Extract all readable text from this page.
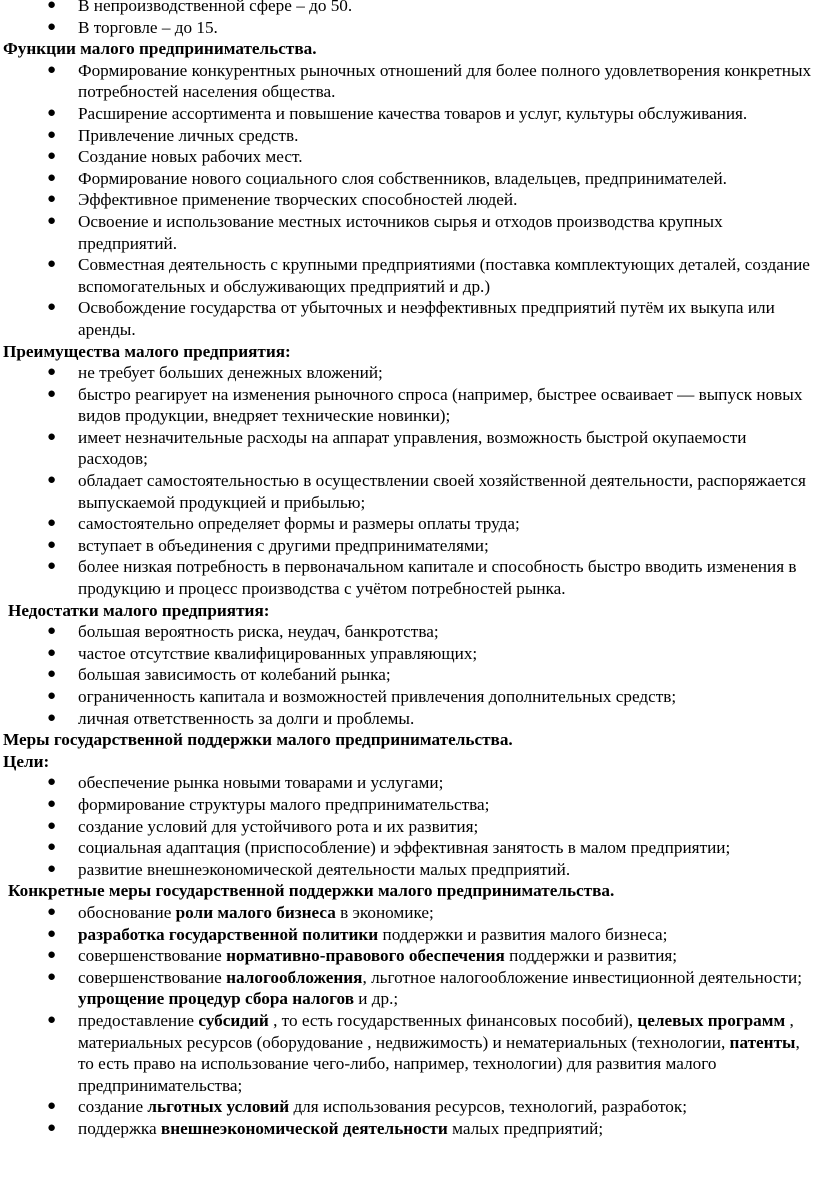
● В непроизводственной сфере – до 50.
● В торговле – до 15.
Функции малого предпринимательства.
● Формирование конкурентных рыночных отношений для более полного удовлетворения конкретных потребностей населения общества.
● Расширение ассортимента и повышение качества товаров и услуг, культуры обслуживания.
● Привлечение личных средств.
● Создание новых рабочих мест.
● Формирование нового социального слоя собственников, владельцев, предпринимателей.
● Эффективное применение творческих способностей людей.
● Освоение и использование местных источников сырья и отходов производства крупных предприятий.
● Совместная деятельность с крупными предприятиями (поставка комплектующих деталей, создание вспомогательных и обслуживающих предприятий и др.)
● Освобождение государства от убыточных и неэффективных предприятий путём их выкупа или аренды.
Преимущества малого предприятия:
● не требует больших денежных вложений;
● быстро реагирует на изменения рыночного спроса (например, быстрее осваивает — выпуск новых видов продукции, внедряет технические новинки);
● имеет незначительные расходы на аппарат управления, возможность быстрой окупаемости расходов;
● обладает самостоятельностью в осуществлении своей хозяйственной деятельности, распоряжается выпускаемой продукцией и прибылью;
● самостоятельно определяет формы и размеры оплаты труда;
● вступает в объединения с другими предпринимателями;
● более низкая потребность в первоначальном капитале и способность быстро вводить изменения в продукцию и процесс производства с учётом потребностей рынка.
Недостатки малого предприятия:
● большая вероятность риска, неудач, банкротства;
● частое отсутствие квалифицированных управляющих;
● большая зависимость от колебаний рынка;
● ограниченность капитала и возможностей привлечения дополнительных средств;
● личная ответственность за долги и проблемы.
Меры государственной поддержки малого предпринимательства.
Цели:
● обеспечение рынка новыми товарами и услугами;
● формирование структуры малого предпринимательства;
● создание условий для устойчивого рота и их развития;
● социальная адаптация (приспособление) и эффективная занятость в малом предприятии;
● развитие внешнеэкономической деятельности малых предприятий.
Конкретные меры государственной поддержки малого предпринимательства.
● обоснование роли малого бизнеса в экономике;
● разработка государственной политики поддержки и развития малого бизнеса;
● совершенствование нормативно-правового обеспечения поддержки и развития;
● совершенствование налогообложения, льготное налогообложение инвестиционной деятельности; упрощение процедур сбора налогов и др.;
● предоставление субсидий , то есть государственных финансовых пособий), целевых программ , материальных ресурсов (оборудование , недвижимость) и нематериальных (технологии, патенты, то есть право на использование чего-либо, например, технологии) для развития малого предпринимательства;
● создание льготных условий для использования ресурсов, технологий, разработок;
● поддержка внешнеэкономической деятельности малых предприятий;
